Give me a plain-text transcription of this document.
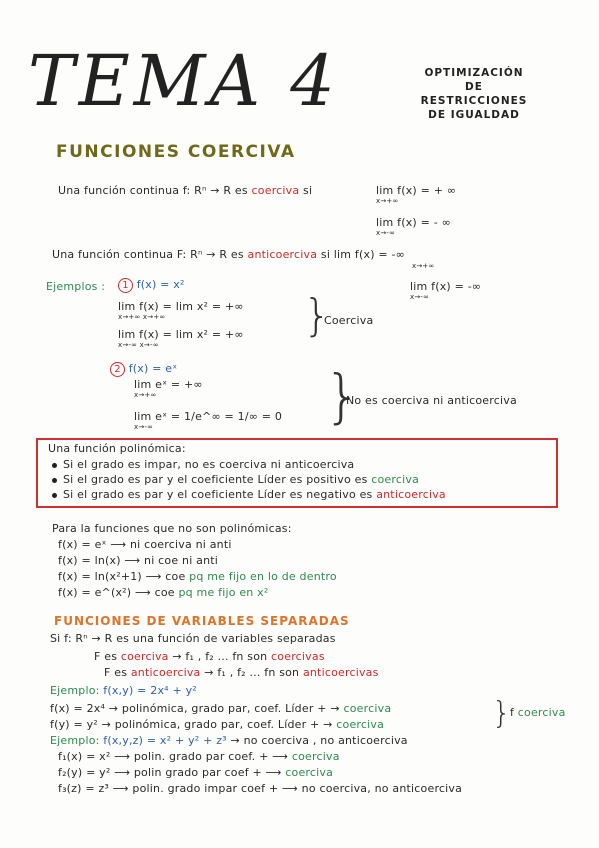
TEMA 4	OPTIMIZACIÓN
DE
RESTRICCIONES
DE IGUALDAD
FUNCIONES COERCIVA
Una función continua f: Rⁿ → R es coerciva si	lim f(x) = + ∞
x→+∞
lim f(x) = - ∞
x→-∞
Una función continua F: Rⁿ → R es anticoerciva si lim f(x) = -∞
x→+∞
lim f(x) = -∞
x→-∞
Ejemplos :	1 f(x) = x²
lim f(x) = lim x² = +∞
x→+∞ x→+∞
lim f(x) = lim x² = +∞
x→-∞ x→-∞
}
Coerciva
2 f(x) = eˣ
lim eˣ = +∞
x→+∞
lim eˣ = 1/e^∞ = 1/∞ = 0
x→-∞	}
No es coerciva ni anticoerciva
Una función polinómica:
Si el grado es impar, no es coerciva ni anticoerciva
Si el grado es par y el coeficiente Líder es positivo es coerciva
Si el grado es par y el coeficiente Líder es negativo es anticoerciva
Para la funciones que no son polinómicas:
f(x) = eˣ ⟶ ni coerciva ni anti
f(x) = ln(x) ⟶ ni coe ni anti
f(x) = ln(x²+1) ⟶ coe pq me fijo en lo de dentro
f(x) = e^(x²) ⟶ coe pq me fijo en x²
FUNCIONES DE VARIABLES SEPARADAS
Si f: Rⁿ → R es una función de variables separadas
F es coerciva → f₁ , f₂ ... fn son coercivas
F es anticoerciva → f₁ , f₂ ... fn son anticoercivas
Ejemplo: f(x,y) = 2x⁴ + y²
f(x) = 2x⁴ → polinómica, grado par, coef. Líder + → coerciva
f(y) = y² → polinómica, grado par, coef. Líder + → coerciva	}
f coerciva
Ejemplo: f(x,y,z) = x² + y² + z³ → no coerciva , no anticoerciva
f₁(x) = x² ⟶ polin. grado par coef. + ⟶ coerciva
f₂(y) = y² ⟶ polin grado par coef + ⟶ coerciva
f₃(z) = z³ ⟶ polin. grado impar coef + ⟶ no coerciva, no anticoerciva
